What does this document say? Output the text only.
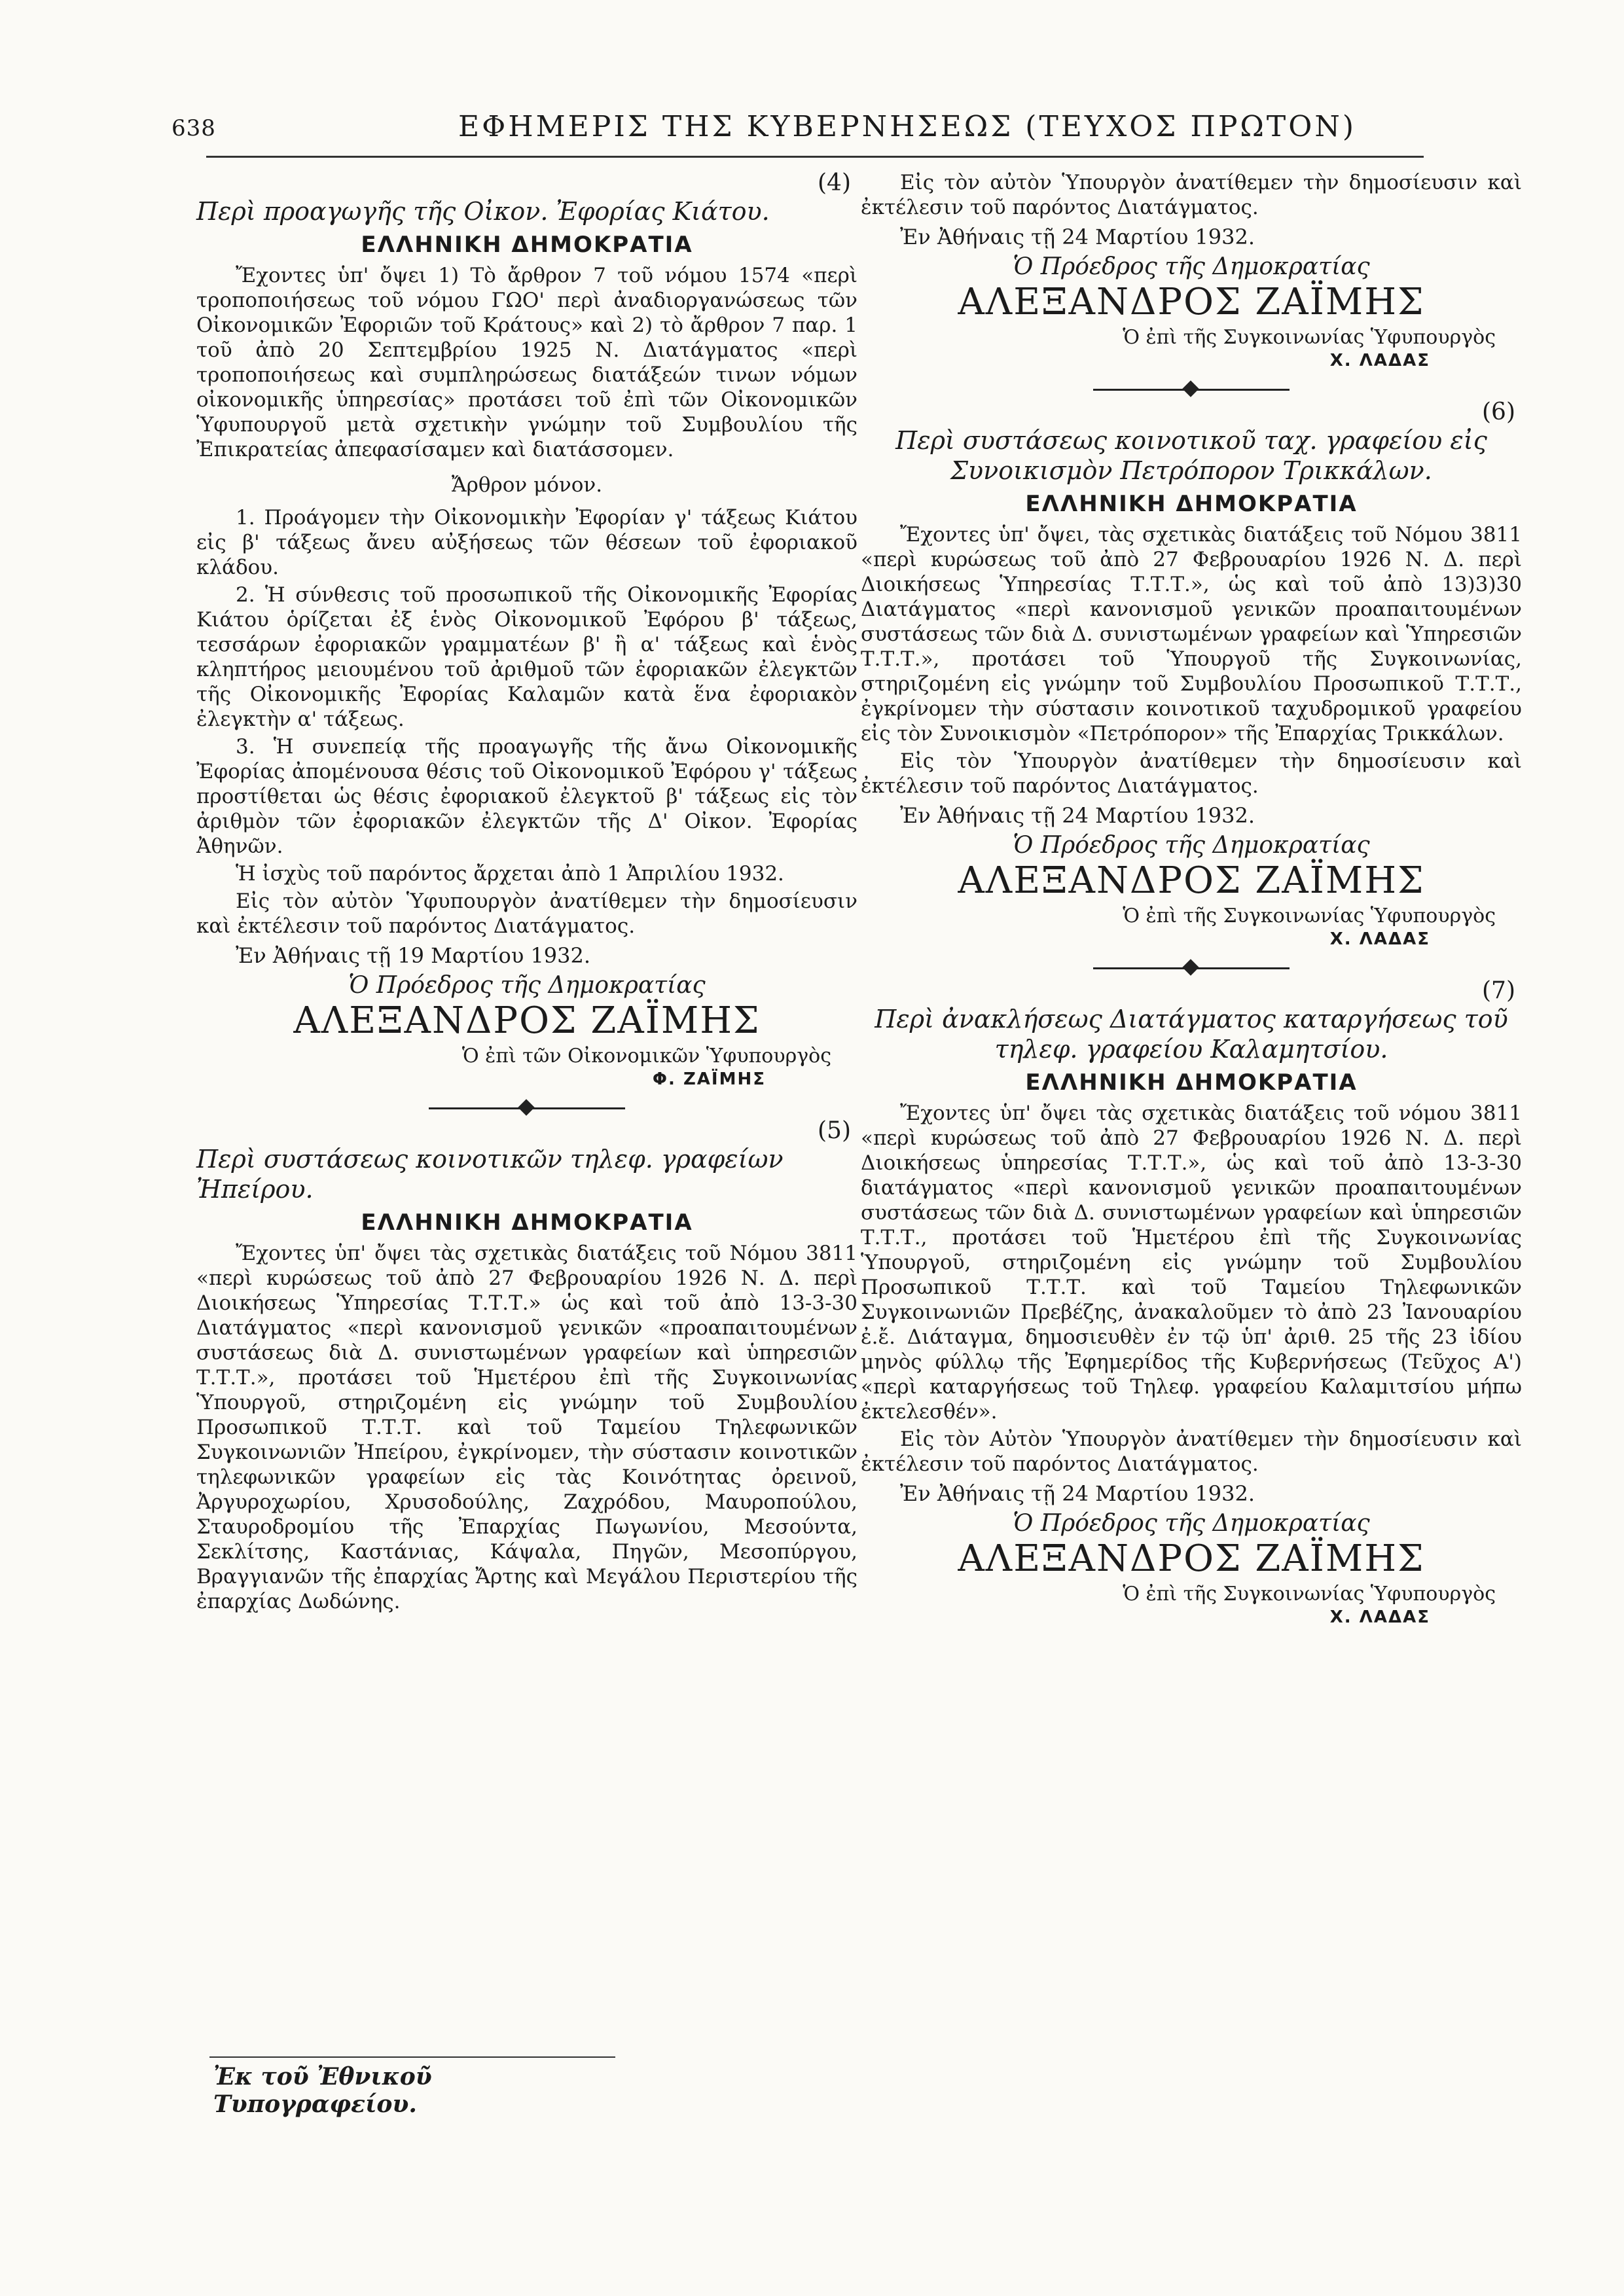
638	ΕΦΗΜΕΡΙΣ ΤΗΣ ΚΥΒΕΡΝΗΣΕΩΣ (ΤΕΥΧΟΣ ΠΡΩΤΟΝ)
(4)

Περὶ προαγωγῆς τῆς Οἰκον. Ἐφορίας Κιάτου.

ΕΛΛΗΝΙΚΗ ΔΗΜΟΚΡΑΤΙΑ

Ἔχοντες ὑπ' ὄψει 1) Τὸ ἄρθρον 7 τοῦ νόμου 1574 «περὶ τροποποιήσεως τοῦ νόμου ΓΩΟ' περὶ ἀναδιοργανώσεως τῶν Οἰκονομικῶν Ἐφοριῶν τοῦ Κράτους» καὶ 2) τὸ ἄρθρον 7 παρ. 1 τοῦ ἀπὸ 20 Σεπτεμβρίου 1925 Ν. Διατάγματος «περὶ τροποποιήσεως καὶ συμπληρώσεως διατάξεών τινων νόμων οἰκονομικῆς ὑπηρεσίας» προτάσει τοῦ ἐπὶ τῶν Οἰκονομικῶν Ὑφυπουργοῦ μετὰ σχετικὴν γνώμην τοῦ Συμβουλίου τῆς Ἐπικρατείας ἀπεφασίσαμεν καὶ διατάσσομεν.

Ἄρθρον μόνον.

1. Προάγομεν τὴν Οἰκονομικὴν Ἐφορίαν γ' τάξεως Κιάτου εἰς β' τάξεως ἄνευ αὐξήσεως τῶν θέσεων τοῦ ἐφοριακοῦ κλάδου.

2. Ἡ σύνθεσις τοῦ προσωπικοῦ τῆς Οἰκονομικῆς Ἐφορίας Κιάτου ὁρίζεται ἐξ ἑνὸς Οἰκονομικοῦ Ἐφόρου β' τάξεως, τεσσάρων ἐφοριακῶν γραμματέων β' ἢ α' τάξεως καὶ ἑνὸς κληπτήρος μειουμένου τοῦ ἀριθμοῦ τῶν ἐφοριακῶν ἐλεγκτῶν τῆς Οἰκονομικῆς Ἐφορίας Καλαμῶν κατὰ ἕνα ἐφοριακὸν ἐλεγκτὴν α' τάξεως.

3. Ἡ συνεπείᾳ τῆς προαγωγῆς τῆς ἄνω Οἰκονομικῆς Ἐφορίας ἀπομένουσα θέσις τοῦ Οἰκονομικοῦ Ἐφόρου γ' τάξεως προστίθεται ὡς θέσις ἐφοριακοῦ ἐλεγκτοῦ β' τάξεως εἰς τὸν ἀριθμὸν τῶν ἐφοριακῶν ἐλεγκτῶν τῆς Δ' Οἰκον. Ἐφορίας Ἀθηνῶν.

Ἡ ἰσχὺς τοῦ παρόντος ἄρχεται ἀπὸ 1 Ἀπριλίου 1932.

Εἰς τὸν αὐτὸν Ὑφυπουργὸν ἀνατίθεμεν τὴν δημοσίευσιν καὶ ἐκτέλεσιν τοῦ παρόντος Διατάγματος.

Ἐν Ἀθήναις τῇ 19 Μαρτίου 1932.
Ὁ Πρόεδρος τῆς Δημοκρατίας
ΑΛΕΞΑΝΔΡΟΣ ΖΑΪΜΗΣ
Ὁ ἐπὶ τῶν Οἰκονομικῶν Ὑφυπουργὸς
Φ. ΖΑΪΜΗΣ
(5)

Περὶ συστάσεως κοινοτικῶν τηλεφ. γραφείων Ἠπείρου.

ΕΛΛΗΝΙΚΗ ΔΗΜΟΚΡΑΤΙΑ

Ἔχοντες ὑπ' ὄψει τὰς σχετικὰς διατάξεις τοῦ Νόμου 3811 «περὶ κυρώσεως τοῦ ἀπὸ 27 Φεβρουαρίου 1926 Ν. Δ. περὶ Διοικήσεως Ὑπηρεσίας Τ.Τ.Τ.» ὡς καὶ τοῦ ἀπὸ 13-3-30 Διατάγματος «περὶ κανονισμοῦ γενικῶν «προαπαιτουμένων συστάσεως διὰ Δ. συνιστωμένων γραφείων καὶ ὑπηρεσιῶν Τ.Τ.Τ.», προτάσει τοῦ Ἡμετέρου ἐπὶ τῆς Συγκοινωνίας Ὑπουργοῦ, στηριζομένη εἰς γνώμην τοῦ Συμβουλίου Προσωπικοῦ Τ.Τ.Τ. καὶ τοῦ Ταμείου Τηλεφωνικῶν Συγκοινωνιῶν Ἠπείρου, ἐγκρίνομεν, τὴν σύστασιν κοινοτικῶν τηλεφωνικῶν γραφείων εἰς τὰς Κοινότητας ὀρεινοῦ, Ἀργυροχωρίου, Χρυσοδούλης, Ζαχρόδου, Μαυροπούλου, Σταυροδρομίου τῆς Ἐπαρχίας Πωγωνίου, Μεσούντα, Σεκλίτσης, Καστάνιας, Κάψαλα, Πηγῶν, Μεσοπύργου, Βραγγιανῶν τῆς ἐπαρχίας Ἄρτης καὶ Μεγάλου Περιστερίου τῆς ἐπαρχίας Δωδώνης.

Εἰς τὸν αὐτὸν Ὑπουργὸν ἀνατίθεμεν τὴν δημοσίευσιν καὶ ἐκτέλεσιν τοῦ παρόντος Διατάγματος.

Ἐν Ἀθήναις τῇ 24 Μαρτίου 1932.
Ὁ Πρόεδρος τῆς Δημοκρατίας
ΑΛΕΞΑΝΔΡΟΣ ΖΑΪΜΗΣ
Ὁ ἐπὶ τῆς Συγκοινωνίας Ὑφυπουργὸς
Χ. ΛΑΔΑΣ
(6)

Περὶ συστάσεως κοινοτικοῦ ταχ. γραφείου εἰς Συνοικισμὸν Πετρόπορον Τρικκάλων.

ΕΛΛΗΝΙΚΗ ΔΗΜΟΚΡΑΤΙΑ

Ἔχοντες ὑπ' ὄψει, τὰς σχετικὰς διατάξεις τοῦ Νόμου 3811 «περὶ κυρώσεως τοῦ ἀπὸ 27 Φεβρουαρίου 1926 Ν. Δ. περὶ Διοικήσεως Ὑπηρεσίας Τ.Τ.Τ.», ὡς καὶ τοῦ ἀπὸ 13)3)30 Διατάγματος «περὶ κανονισμοῦ γενικῶν προαπαιτουμένων συστάσεως τῶν διὰ Δ. συνιστωμένων γραφείων καὶ Ὑπηρεσιῶν Τ.Τ.Τ.», προτάσει τοῦ Ὑπουργοῦ τῆς Συγκοινωνίας, στηριζομένη εἰς γνώμην τοῦ Συμβουλίου Προσωπικοῦ Τ.Τ.Τ., ἐγκρίνομεν τὴν σύστασιν κοινοτικοῦ ταχυδρομικοῦ γραφείου εἰς τὸν Συνοικισμὸν «Πετρόπορον» τῆς Ἐπαρχίας Τρικκάλων.

Εἰς τὸν Ὑπουργὸν ἀνατίθεμεν τὴν δημοσίευσιν καὶ ἐκτέλεσιν τοῦ παρόντος Διατάγματος.

Ἐν Ἀθήναις τῇ 24 Μαρτίου 1932.
Ὁ Πρόεδρος τῆς Δημοκρατίας
ΑΛΕΞΑΝΔΡΟΣ ΖΑΪΜΗΣ
Ὁ ἐπὶ τῆς Συγκοινωνίας Ὑφυπουργὸς
Χ. ΛΑΔΑΣ
(7)

Περὶ ἀνακλήσεως Διατάγματος καταργήσεως τοῦ τηλεφ. γραφείου Καλαμητσίου.

ΕΛΛΗΝΙΚΗ ΔΗΜΟΚΡΑΤΙΑ

Ἔχοντες ὑπ' ὄψει τὰς σχετικὰς διατάξεις τοῦ νόμου 3811 «περὶ κυρώσεως τοῦ ἀπὸ 27 Φεβρουαρίου 1926 Ν. Δ. περὶ Διοικήσεως ὑπηρεσίας Τ.Τ.Τ.», ὡς καὶ τοῦ ἀπὸ 13-3-30 διατάγματος «περὶ κανονισμοῦ γενικῶν προαπαιτουμένων συστάσεως τῶν διὰ Δ. συνιστωμένων γραφείων καὶ ὑπηρεσιῶν Τ.Τ.Τ., προτάσει τοῦ Ἡμετέρου ἐπὶ τῆς Συγκοινωνίας Ὑπουργοῦ, στηριζομένη εἰς γνώμην τοῦ Συμβουλίου Προσωπικοῦ Τ.Τ.Τ. καὶ τοῦ Ταμείου Τηλεφωνικῶν Συγκοινωνιῶν Πρεβέζης, ἀνακαλοῦμεν τὸ ἀπὸ 23 Ἰανουαρίου ἐ.ἔ. Διάταγμα, δημοσιευθὲν ἐν τῷ ὑπ' ἀριθ. 25 τῆς 23 ἰδίου μηνὸς φύλλῳ τῆς Ἐφημερίδος τῆς Κυβερνήσεως (Τεῦχος Α') «περὶ καταργήσεως τοῦ Τηλεφ. γραφείου Καλαμιτσίου μήπω ἐκτελεσθέν».

Εἰς τὸν Αὐτὸν Ὑπουργὸν ἀνατίθεμεν τὴν δημοσίευσιν καὶ ἐκτέλεσιν τοῦ παρόντος Διατάγματος.

Ἐν Ἀθήναις τῇ 24 Μαρτίου 1932.
Ὁ Πρόεδρος τῆς Δημοκρατίας
ΑΛΕΞΑΝΔΡΟΣ ΖΑΪΜΗΣ
Ὁ ἐπὶ τῆς Συγκοινωνίας Ὑφυπουργὸς
Χ. ΛΑΔΑΣ
Ἐκ τοῦ Ἐθνικοῦ Τυπογραφείου.
